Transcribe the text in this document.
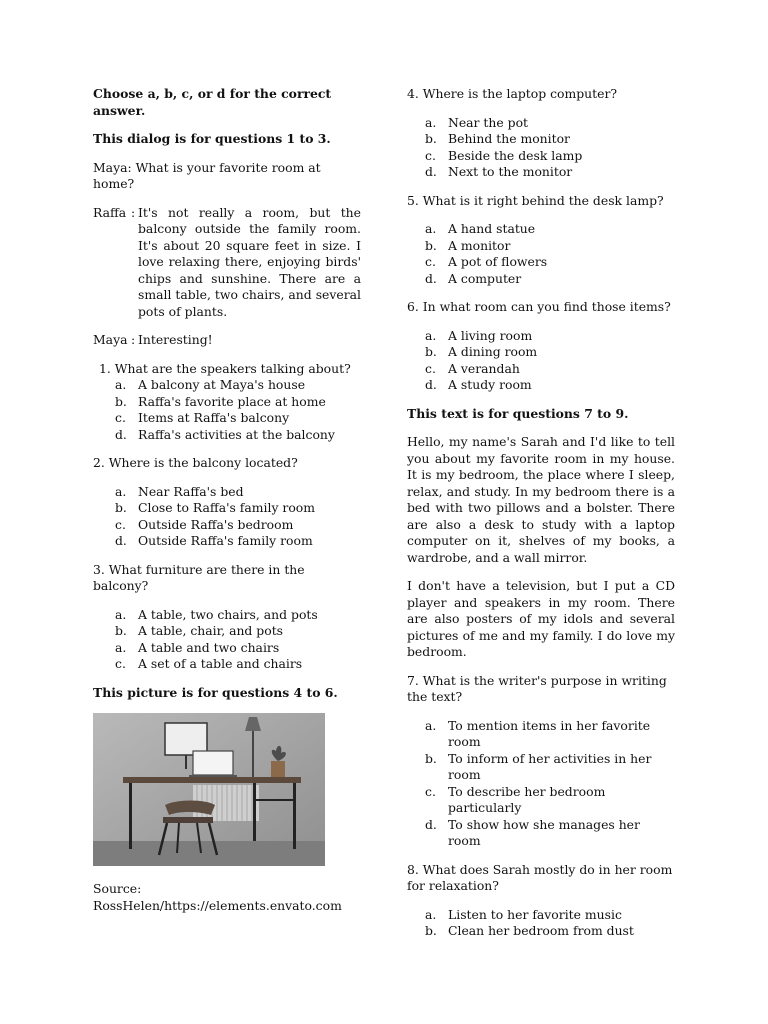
Choose a, b, c, or d for the correct answer.

This dialog is for questions 1 to 3.

Maya: What is your favorite room at home?

Raffa : It's not really a room, but the balcony outside the family room. It's about 20 square feet in size. I love relaxing there, enjoying birds' chips and sunshine. There are a small table, two chairs, and several pots of plants.
Maya : Interesting!
1. What are the speakers talking about?
a. A balcony at Maya's house
b. Raffa's favorite place at home
c. Items at Raffa's balcony
d. Raffa's activities at the balcony

2. Where is the balcony located?

a. Near Raffa's bed
b. Close to Raffa's family room
c. Outside Raffa's bedroom
d. Outside Raffa's family room

3. What furniture are there in the balcony?

a. A table, two chairs, and pots
b. A table, chair, and pots
a. A table and two chairs
c. A set of a table and chairs

This picture is for questions 4 to 6.

Source:
RossHelen/https://elements.envato.com

4. Where is the laptop computer?

a. Near the pot
b. Behind the monitor
c. Beside the desk lamp
d. Next to the monitor

5. What is it right behind the desk lamp?

a. A hand statue
b. A monitor
c. A pot of flowers
d. A computer

6. In what room can you find those items?

a. A living room
b. A dining room
c. A verandah
d. A study room

This text is for questions 7 to 9.

Hello, my name's Sarah and I'd like to tell you about my favorite room in my house. It is my bedroom, the place where I sleep, relax, and study. In my bedroom there is a bed with two pillows and a bolster. There are also a desk to study with a laptop computer on it, shelves of my books, a wardrobe, and a wall mirror.

I don't have a television, but I put a CD player and speakers in my room. There are also posters of my idols and several pictures of me and my family. I do love my bedroom.

7. What is the writer's purpose in writing the text?

a. To mention items in her favorite room
b. To inform of her activities in her room
c. To describe her bedroom particularly
d. To show how she manages her room

8. What does Sarah mostly do in her room for relaxation?

a. Listen to her favorite music
b. Clean her bedroom from dust
